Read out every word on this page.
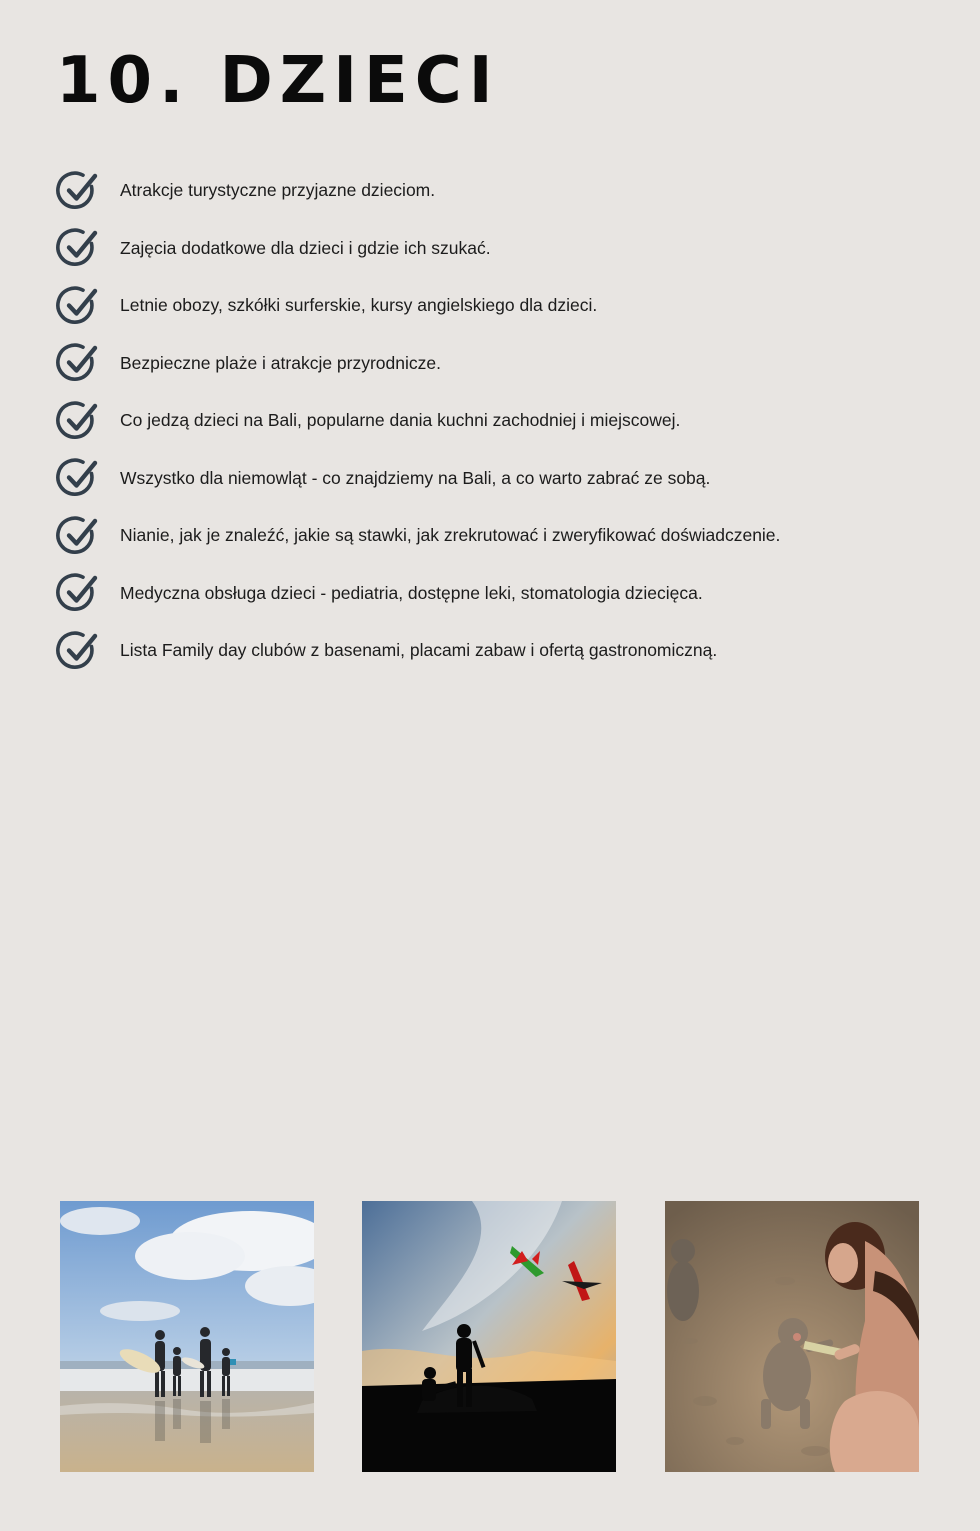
10. DZIECI
Atrakcje turystyczne przyjazne dzieciom.
Zajęcia dodatkowe dla dzieci i gdzie ich szukać.
Letnie obozy, szkółki surferskie, kursy angielskiego dla dzieci.
Bezpieczne plaże i atrakcje przyrodnicze.
Co jedzą dzieci na Bali, popularne dania kuchni zachodniej i miejscowej.
Wszystko dla niemowląt - co znajdziemy na Bali, a co warto zabrać ze sobą.
Nianie, jak je znaleźć, jakie są stawki, jak zrekrutować i zweryfikować doświadczenie.
Medyczna obsługa dzieci - pediatria, dostępne leki, stomatologia dziecięca.
Lista Family day clubów z basenami, placami zabaw i ofertą gastronomiczną.
